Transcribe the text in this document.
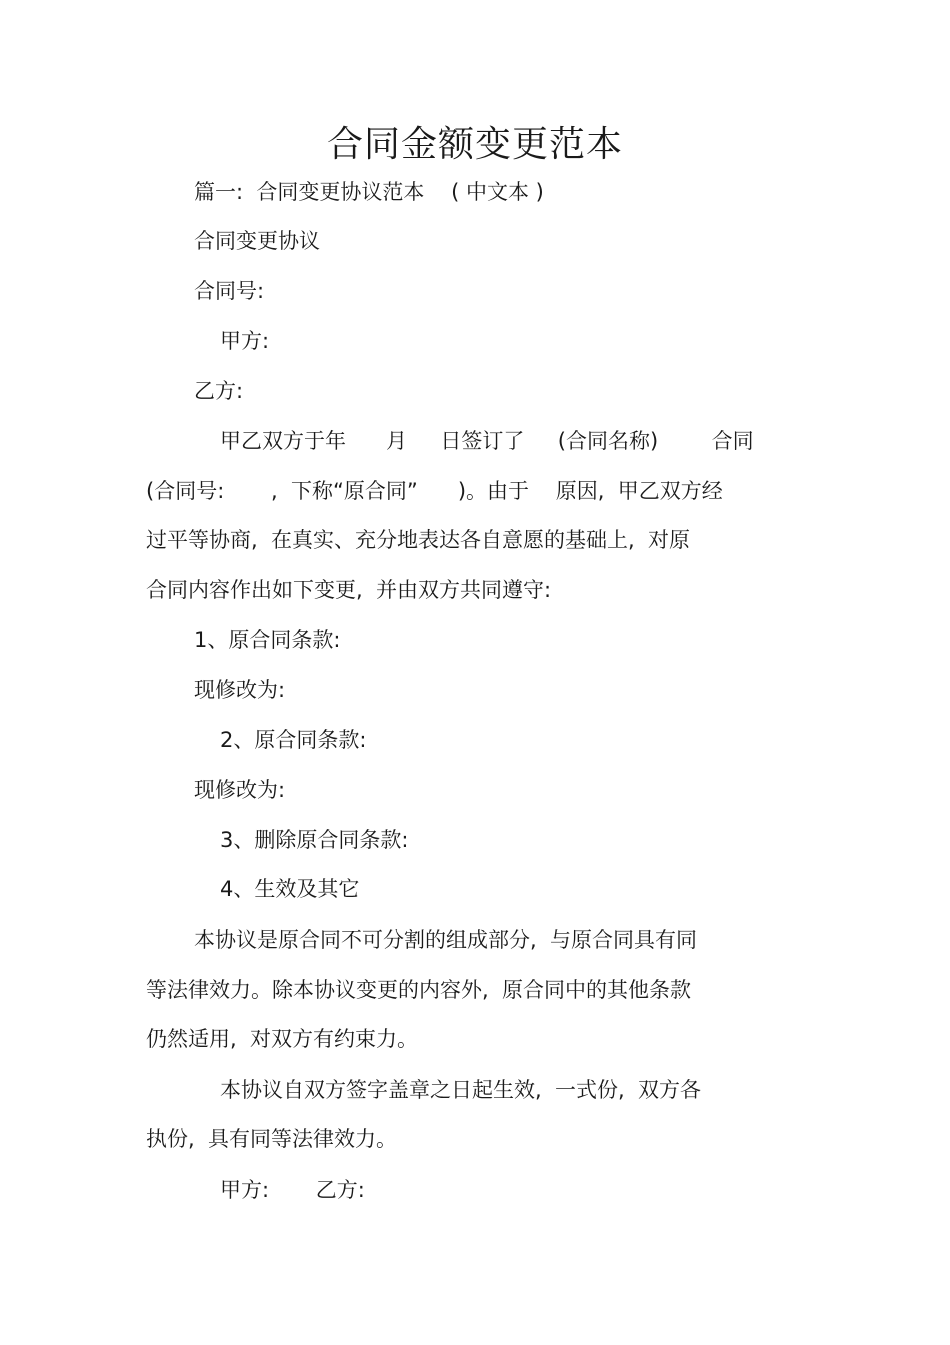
合同金额变更范本
篇一:  合同变更协议范本    ( 中文本 )
合同变更协议
合同号:
甲方:
乙方:
甲乙双方于年      月     日签订了     (合同名称)        合同
(合同号:       ,  下称“原合同”      )。由于    原因,  甲乙双方经
过平等协商,  在真实、充分地表达各自意愿的基础上,  对原
合同内容作出如下变更,  并由双方共同遵守:
1、原合同条款:
现修改为:
2、原合同条款:
现修改为:
3、删除原合同条款:
4、生效及其它
本协议是原合同不可分割的组成部分,  与原合同具有同
等法律效力。除本协议变更的内容外,  原合同中的其他条款
仍然适用,  对双方有约束力。
本协议自双方签字盖章之日起生效,  一式份,  双方各
执份,  具有同等法律效力。
甲方:       乙方:
